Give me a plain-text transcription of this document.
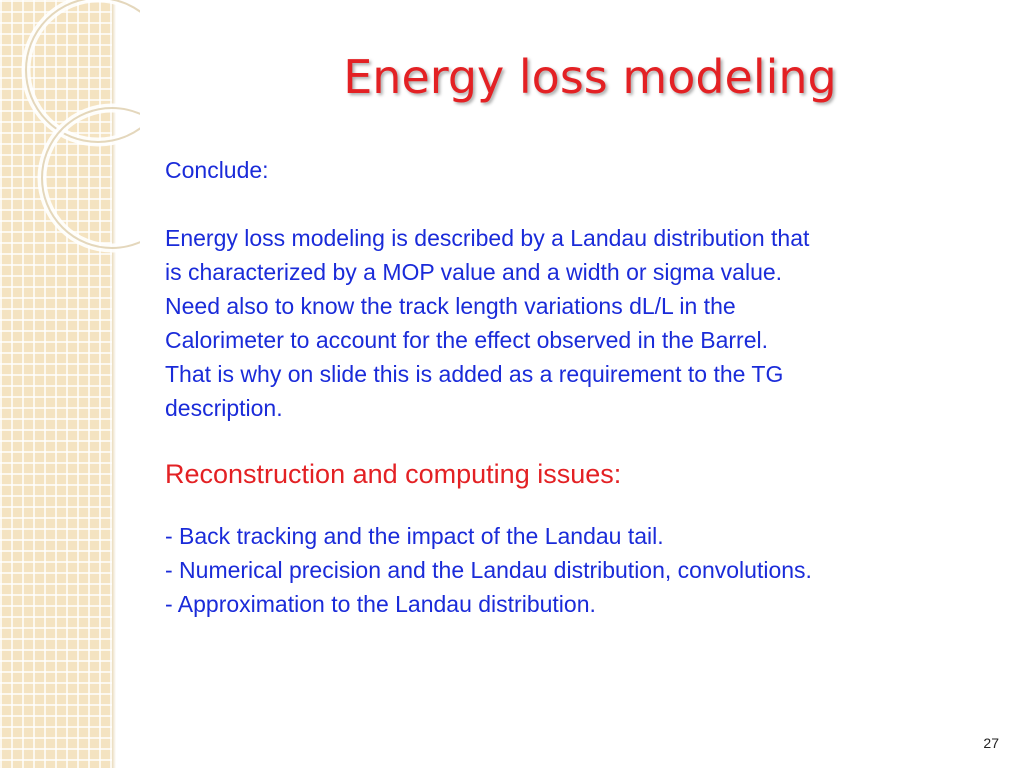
Energy loss modeling

Conclude:

Energy loss modeling is described by a Landau distribution that

is characterized by a MOP value and a width or sigma value.

Need also to know the track length variations dL/L in the

Calorimeter to account for the effect observed in the Barrel.

That is why on slide this is added as a requirement to the TG

description.

Reconstruction and computing issues:

- Back tracking and the impact of the Landau tail.

- Numerical precision and the Landau distribution, convolutions.

- Approximation to the Landau distribution.

27
